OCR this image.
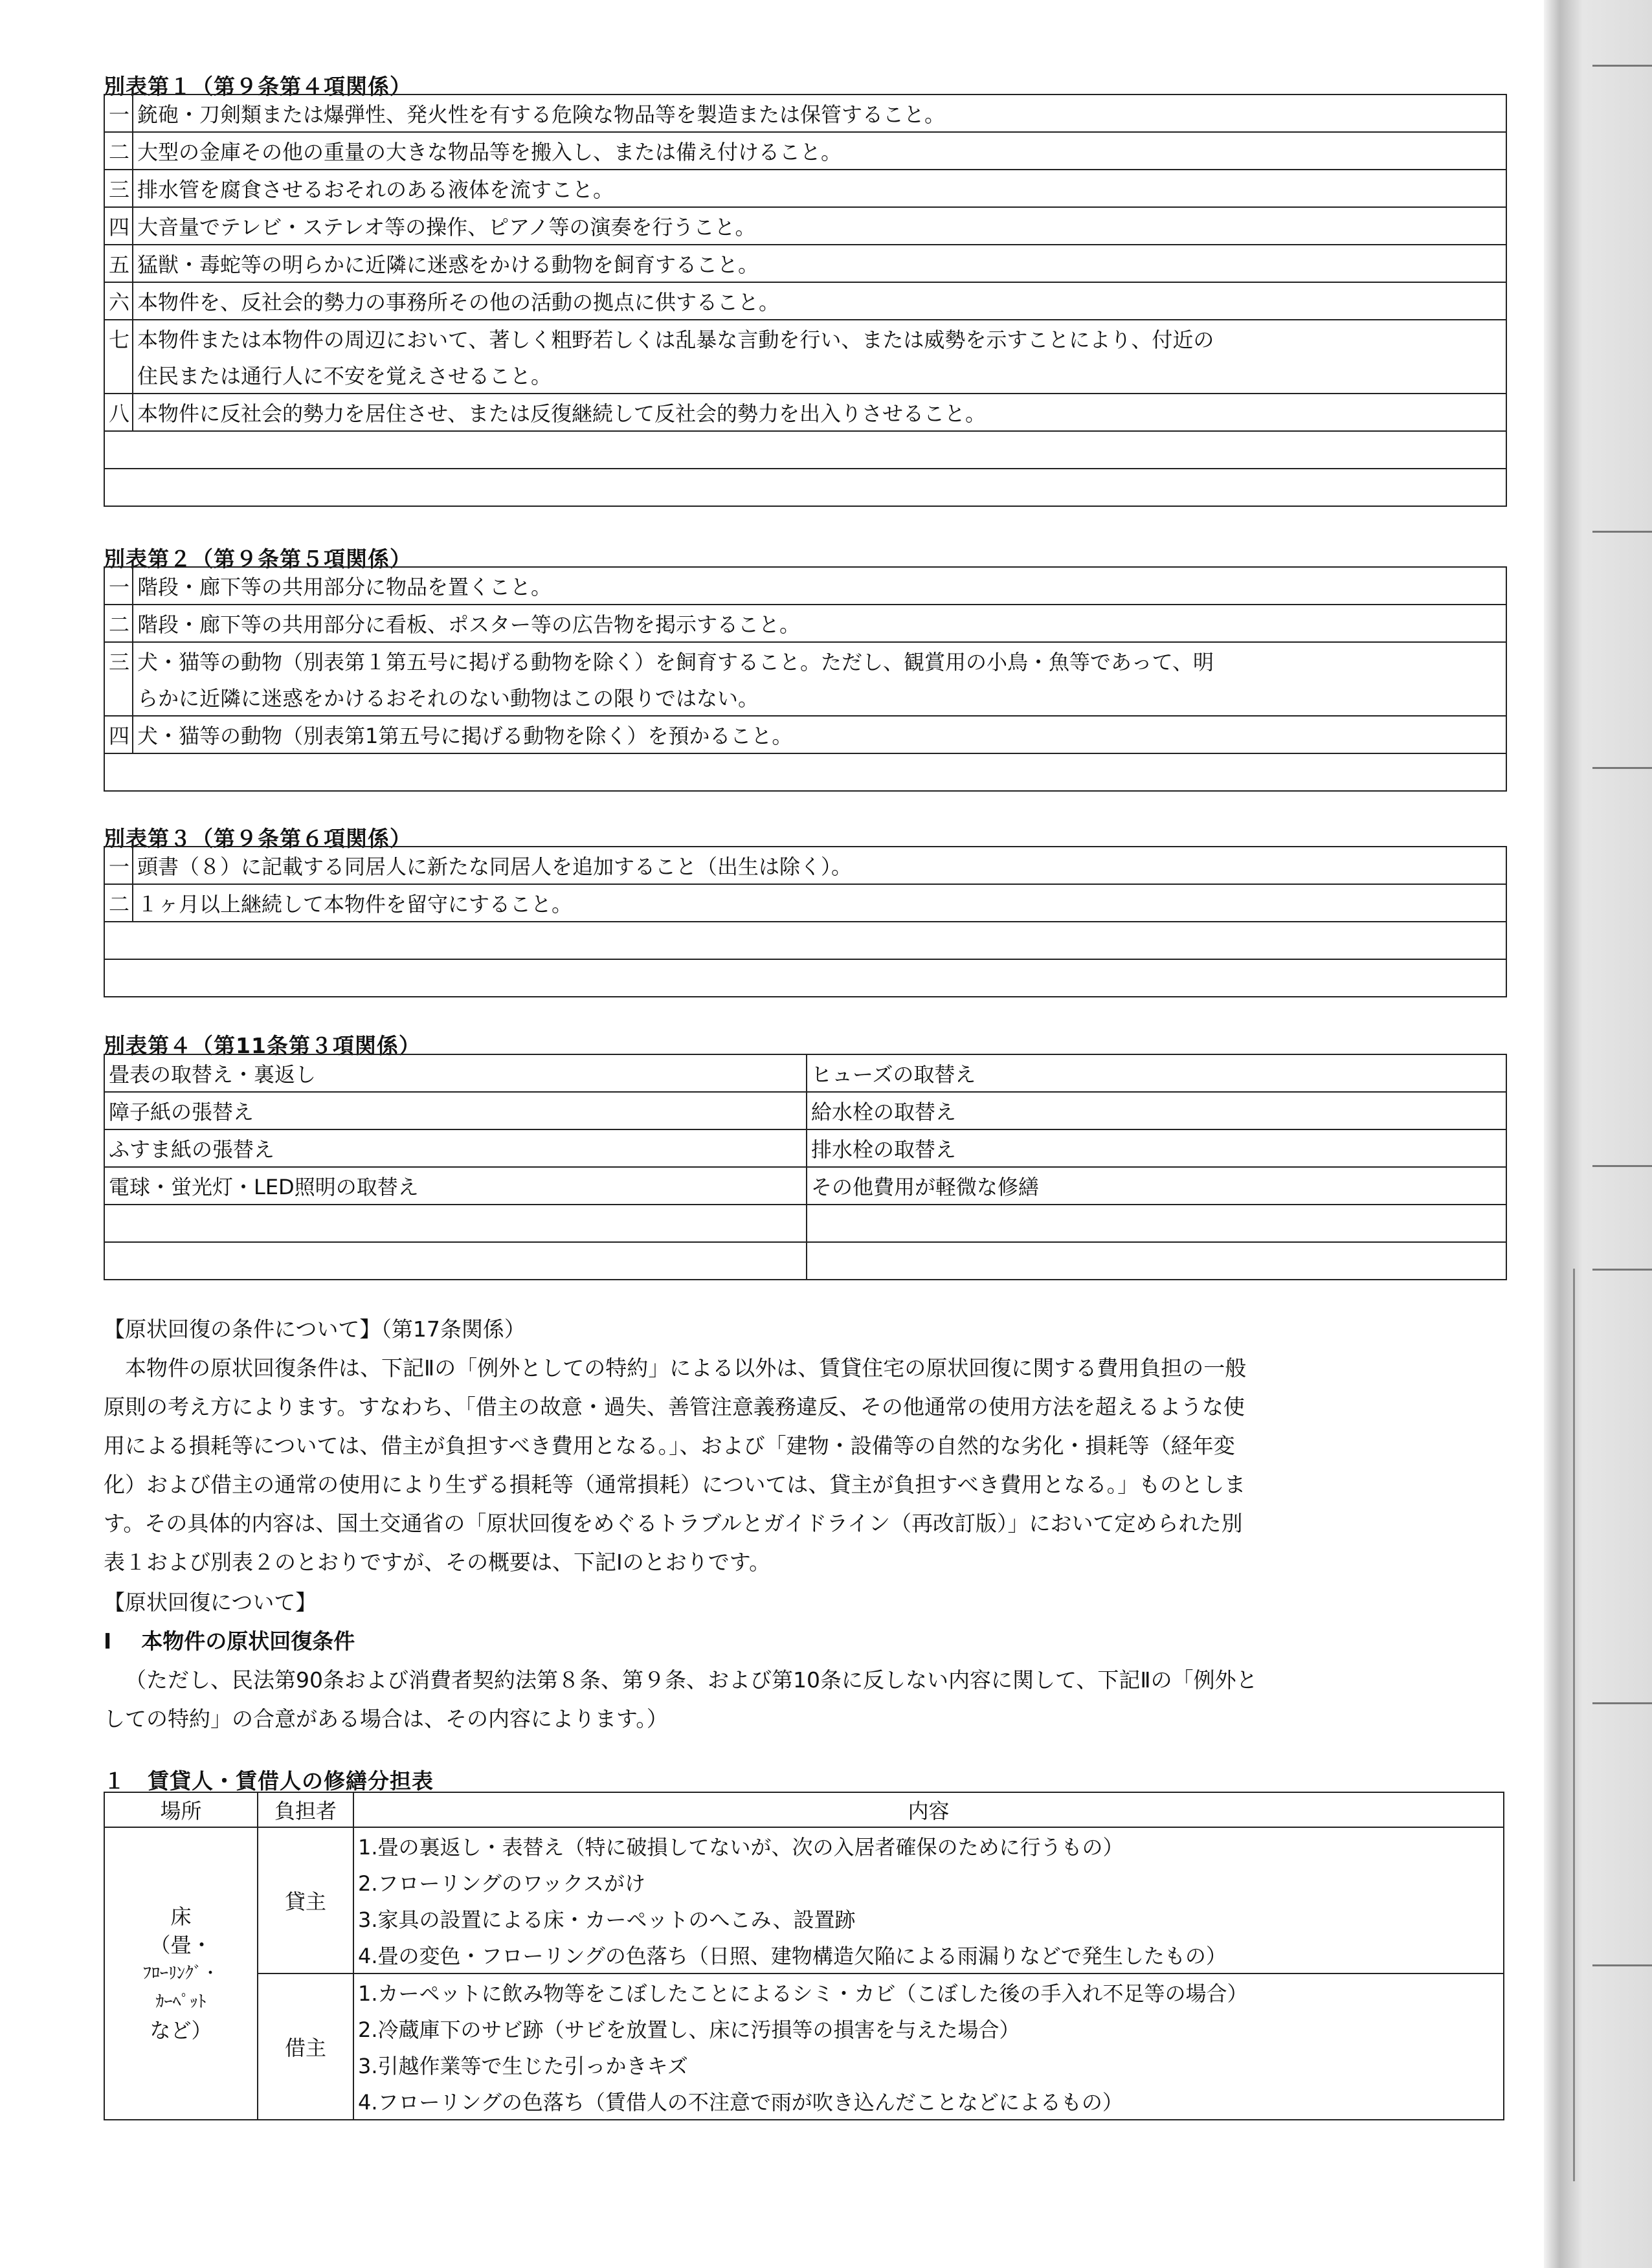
別表第１（第９条第４項関係）
一	銃砲・刀剣類または爆弾性、発火性を有する危険な物品等を製造または保管すること。
二	大型の金庫その他の重量の大きな物品等を搬入し、または備え付けること。
三	排水管を腐食させるおそれのある液体を流すこと。
四	大音量でテレビ・ステレオ等の操作、ピアノ等の演奏を行うこと。
五	猛獣・毒蛇等の明らかに近隣に迷惑をかける動物を飼育すること。
六	本物件を、反社会的勢力の事務所その他の活動の拠点に供すること。
七	本物件または本物件の周辺において、著しく粗野若しくは乱暴な言動を行い、または威勢を示すことにより、付近の
	住民または通行人に不安を覚えさせること。
八	本物件に反社会的勢力を居住させ、または反復継続して反社会的勢力を出入りさせること。

別表第２（第９条第５項関係）
一	階段・廊下等の共用部分に物品を置くこと。
二	階段・廊下等の共用部分に看板、ポスター等の広告物を掲示すること。
三	犬・猫等の動物（別表第１第五号に掲げる動物を除く）を飼育すること。ただし、観賞用の小鳥・魚等であって、明
	らかに近隣に迷惑をかけるおそれのない動物はこの限りではない。
四	犬・猫等の動物（別表第1第五号に掲げる動物を除く）を預かること。

別表第３（第９条第６項関係）
一	頭書（８）に記載する同居人に新たな同居人を追加すること（出生は除く）。
二	１ヶ月以上継続して本物件を留守にすること。

別表第４（第11条第３項関係）
畳表の取替え・裏返し	ヒューズの取替え
障子紙の張替え	給水栓の取替え
ふすま紙の張替え	排水栓の取替え
電球・蛍光灯・LED照明の取替え	その他費用が軽微な修繕

【原状回復の条件について】（第17条関係）

本物件の原状回復条件は、下記Ⅱの「例外としての特約」による以外は、賃貸住宅の原状回復に関する費用負担の一般

原則の考え方によります。すなわち、「借主の故意・過失、善管注意義務違反、その他通常の使用方法を超えるような使

用による損耗等については、借主が負担すべき費用となる。」、および「建物・設備等の自然的な劣化・損耗等（経年変

化）および借主の通常の使用により生ずる損耗等（通常損耗）については、貸主が負担すべき費用となる。」ものとしま

す。その具体的内容は、国土交通省の「原状回復をめぐるトラブルとガイドライン（再改訂版）」において定められた別

表１および別表２のとおりですが、その概要は、下記Ⅰのとおりです。

【原状回復について】

Ⅰ 本物件の原状回復条件

（ただし、民法第90条および消費者契約法第８条、第９条、および第10条に反しない内容に関して、下記Ⅱの「例外と

しての特約」の合意がある場合は、その内容によります。）

１　賃貸人・賃借人の修繕分担表
場所	負担者	内容

床
（畳・
ﾌﾛｰﾘﾝｸﾞ・
ｶｰﾍﾟｯﾄ
など）	貸主	1.畳の裏返し・表替え（特に破損してないが、次の入居者確保のために行うもの）
		2.フローリングのワックスがけ
		3.家具の設置による床・カーペットのへこみ、設置跡
		4.畳の変色・フローリングの色落ち（日照、建物構造欠陥による雨漏りなどで発生したもの）
	借主	1.カーペットに飲み物等をこぼしたことによるシミ・カビ（こぼした後の手入れ不足等の場合）
		2.冷蔵庫下のサビ跡（サビを放置し、床に汚損等の損害を与えた場合）
		3.引越作業等で生じた引っかきキズ
		4.フローリングの色落ち（賃借人の不注意で雨が吹き込んだことなどによるもの）
